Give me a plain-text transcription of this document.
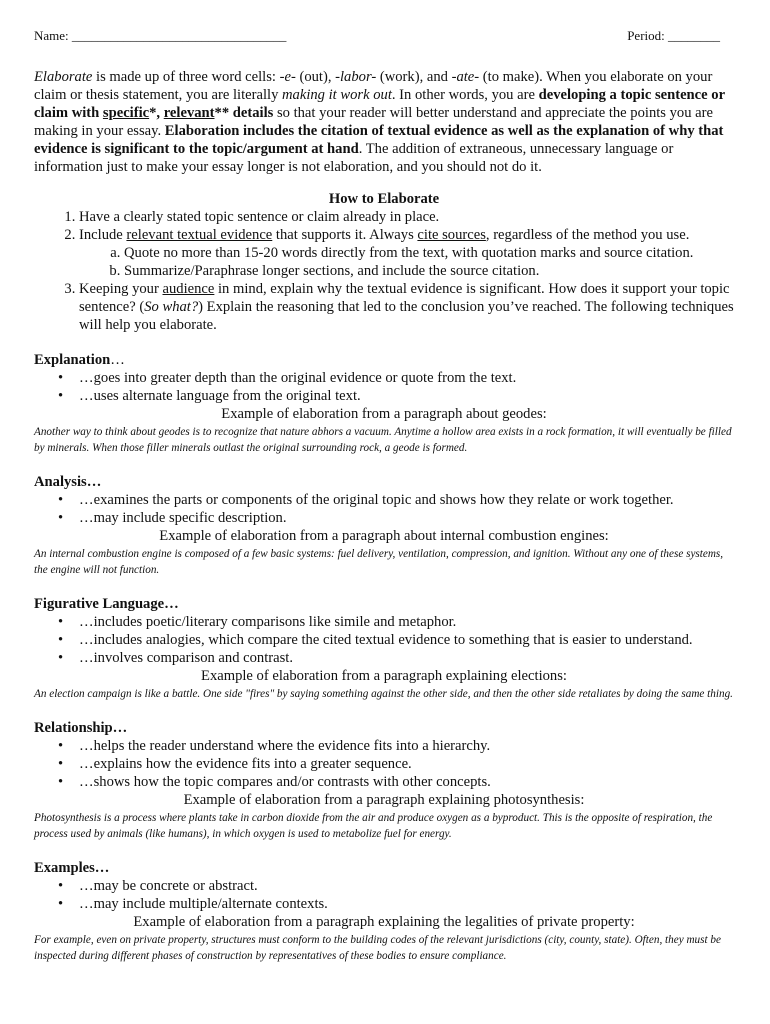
Name: _________________________________	Period: ________

Elaborate is made up of three word cells: -e- (out), -labor- (work), and -ate- (to make). When you elaborate on your claim or thesis statement, you are literally making it work out. In other words, you are developing a topic sentence or claim with specific*, relevant** details so that your reader will better understand and appreciate the points you are making in your essay. Elaboration includes the citation of textual evidence as well as the explanation of why that evidence is significant to the topic/argument at hand. The addition of extraneous, unnecessary language or information just to make your essay longer is not elaboration, and you should not do it.

How to Elaborate
1. Have a clearly stated topic sentence or claim already in place.
2. Include relevant textual evidence that supports it. Always cite sources, regardless of the method you use.
a. Quote no more than 15-20 words directly from the text, with quotation marks and source citation.
b. Summarize/Paraphrase longer sections, and include the source citation.
3. Keeping your audience in mind, explain why the textual evidence is significant. How does it support your topic sentence? (So what?) Explain the reasoning that led to the conclusion you’ve reached. The following techniques will help you elaborate.
Explanation…
• …goes into greater depth than the original evidence or quote from the text.
• …uses alternate language from the original text.
Example of elaboration from a paragraph about geodes:
Another way to think about geodes is to recognize that nature abhors a vacuum. Anytime a hollow area exists in a rock formation, it will eventually be filled by minerals. When those filler minerals outlast the original surrounding rock, a geode is formed.
Analysis…
• …examines the parts or components of the original topic and shows how they relate or work together.
• …may include specific description.
Example of elaboration from a paragraph about internal combustion engines:
An internal combustion engine is composed of a few basic systems: fuel delivery, ventilation, compression, and ignition. Without any one of these systems, the engine will not function.
Figurative Language…
• …includes poetic/literary comparisons like simile and metaphor.
• …includes analogies, which compare the cited textual evidence to something that is easier to understand.
• …involves comparison and contrast.
Example of elaboration from a paragraph explaining elections:
An election campaign is like a battle. One side "fires" by saying something against the other side, and then the other side retaliates by doing the same thing.
Relationship…
• …helps the reader understand where the evidence fits into a hierarchy.
• …explains how the evidence fits into a greater sequence.
• …shows how the topic compares and/or contrasts with other concepts.
Example of elaboration from a paragraph explaining photosynthesis:
Photosynthesis is a process where plants take in carbon dioxide from the air and produce oxygen as a byproduct. This is the opposite of respiration, the process used by animals (like humans), in which oxygen is used to metabolize fuel for energy.
Examples…
• …may be concrete or abstract.
• …may include multiple/alternate contexts.
Example of elaboration from a paragraph explaining the legalities of private property:
For example, even on private property, structures must conform to the building codes of the relevant jurisdictions (city, county, state). Often, they must be inspected during different phases of construction by representatives of these bodies to ensure compliance.
